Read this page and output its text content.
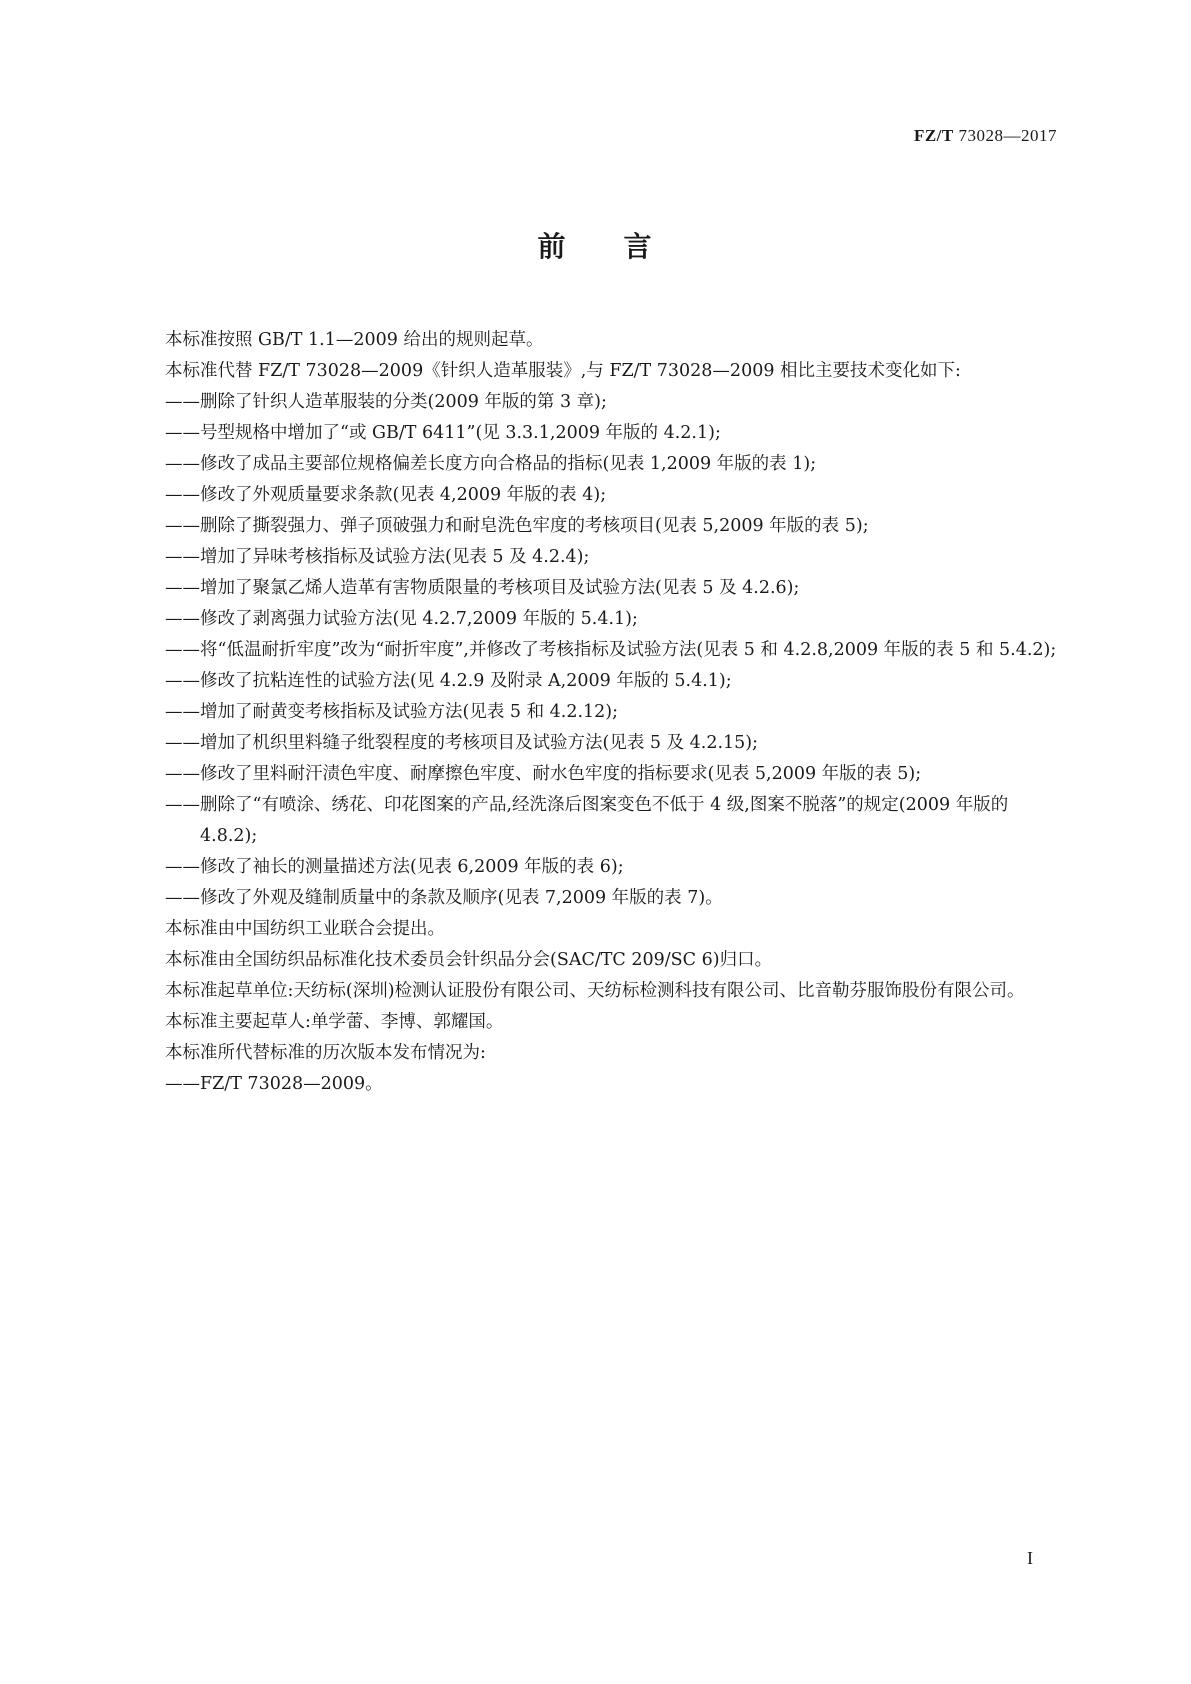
FZ/T 73028—2017
前 言

本标准按照 GB/T 1.1—2009 给出的规则起草。

本标准代替 FZ/T 73028—2009《针织人造革服装》,与 FZ/T 73028—2009 相比主要技术变化如下:

——删除了针织人造革服装的分类(2009 年版的第 3 章);

——号型规格中增加了“或 GB/T 6411”(见 3.3.1,2009 年版的 4.2.1);

——修改了成品主要部位规格偏差长度方向合格品的指标(见表 1,2009 年版的表 1);

——修改了外观质量要求条款(见表 4,2009 年版的表 4);

——删除了撕裂强力、弹子顶破强力和耐皂洗色牢度的考核项目(见表 5,2009 年版的表 5);

——增加了异味考核指标及试验方法(见表 5 及 4.2.4);

——增加了聚氯乙烯人造革有害物质限量的考核项目及试验方法(见表 5 及 4.2.6);

——修改了剥离强力试验方法(见 4.2.7,2009 年版的 5.4.1);

——将“低温耐折牢度”改为“耐折牢度”,并修改了考核指标及试验方法(见表 5 和 4.2.8,2009 年版的表 5 和 5.4.2);

——修改了抗粘连性的试验方法(见 4.2.9 及附录 A,2009 年版的 5.4.1);

——增加了耐黄变考核指标及试验方法(见表 5 和 4.2.12);

——增加了机织里料缝子纰裂程度的考核项目及试验方法(见表 5 及 4.2.15);

——修改了里料耐汗渍色牢度、耐摩擦色牢度、耐水色牢度的指标要求(见表 5,2009 年版的表 5);

——删除了“有喷涂、绣花、印花图案的产品,经洗涤后图案变色不低于 4 级,图案不脱落”的规定(2009 年版的 4.8.2);

——修改了袖长的测量描述方法(见表 6,2009 年版的表 6);

——修改了外观及缝制质量中的条款及顺序(见表 7,2009 年版的表 7)。

本标准由中国纺织工业联合会提出。

本标准由全国纺织品标准化技术委员会针织品分会(SAC/TC 209/SC 6)归口。

本标准起草单位:天纺标(深圳)检测认证股份有限公司、天纺标检测科技有限公司、比音勒芬服饰股份有限公司。

本标准主要起草人:单学蕾、李博、郭耀国。

本标准所代替标准的历次版本发布情况为:

——FZ/T 73028—2009。

I
